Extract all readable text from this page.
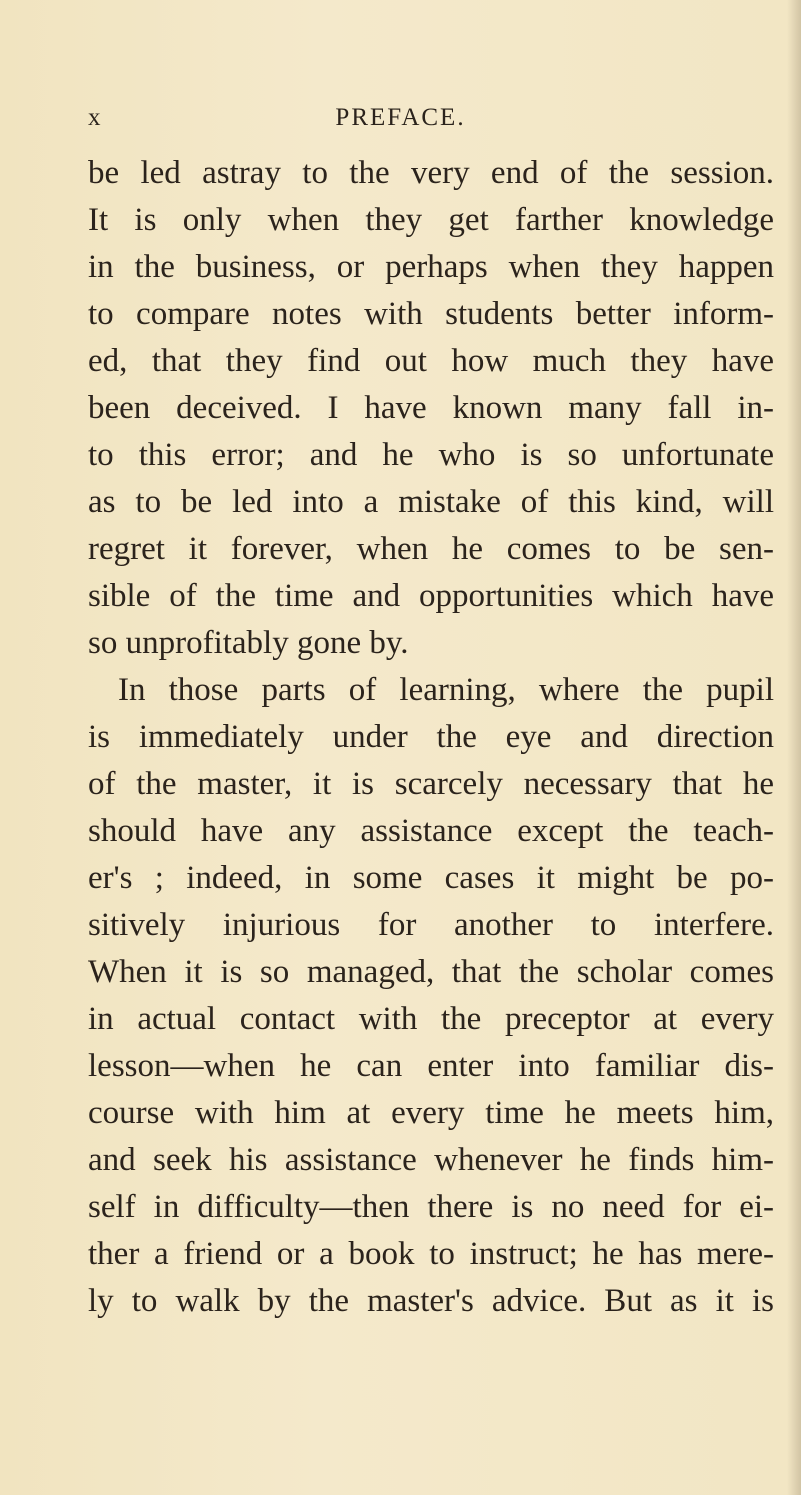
x	PREFACE.
be led astray to the very end of the session.
It is only when they get farther knowledge
in the business, or perhaps when they happen
to compare notes with students better inform-
ed, that they find out how much they have
been deceived. I have known many fall in-
to this error; and he who is so unfortunate
as to be led into a mistake of this kind, will
regret it forever, when he comes to be sen-
sible of the time and opportunities which have
so unprofitably gone by.
In those parts of learning, where the pupil
is immediately under the eye and direction
of the master, it is scarcely necessary that he
should have any assistance except the teach-
er's ; indeed, in some cases it might be po-
sitively injurious for another to interfere.
When it is so managed, that the scholar comes
in actual contact with the preceptor at every
lesson—when he can enter into familiar dis-
course with him at every time he meets him,
and seek his assistance whenever he finds him-
self in difficulty—then there is no need for ei-
ther a friend or a book to instruct; he has mere-
ly to walk by the master's advice. But as it is
